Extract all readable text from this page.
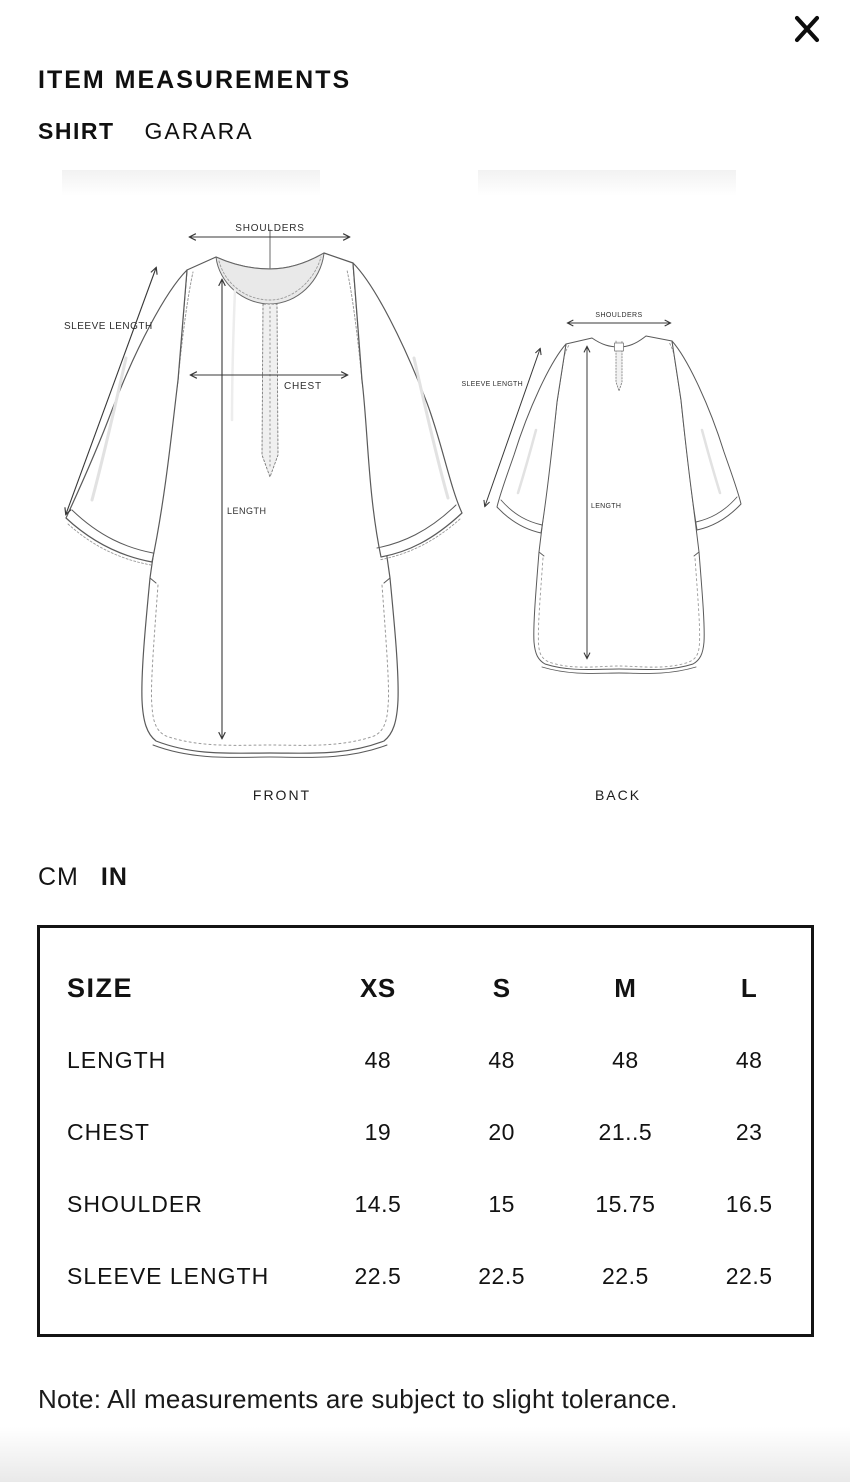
ITEM MEASUREMENTS
SHIRT GARARA
SHOULDERS
SLEEVE LENGTH
CHEST
LENGTH
SHOULDERS
SLEEVE LENGTH
LENGTH
FRONT	BACK
CM IN
SIZE	XS	S	M	L
LENGTH	48	48	48	48
CHEST	19	20	21..5	23
SHOULDER	14.5	15	15.75	16.5
SLEEVE LENGTH	22.5	22.5	22.5	22.5
Note: All measurements are subject to slight tolerance.
